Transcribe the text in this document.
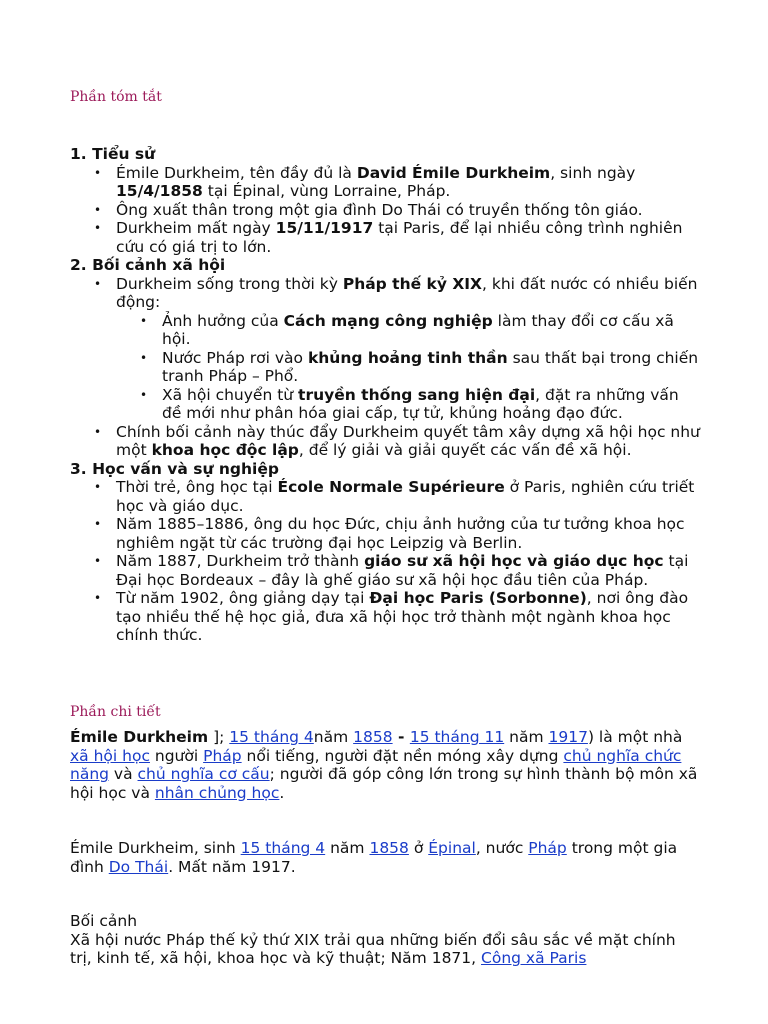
Phần tóm tắt

1. Tiểu sử

• Émile Durkheim, tên đầy đủ là David Émile Durkheim, sinh ngày 15/4/1858 tại Épinal, vùng Lorraine, Pháp.
• Ông xuất thân trong một gia đình Do Thái có truyền thống tôn giáo.
• Durkheim mất ngày 15/11/1917 tại Paris, để lại nhiều công trình nghiên cứu có giá trị to lớn.

2. Bối cảnh xã hội

• Durkheim sống trong thời kỳ Pháp thế kỷ XIX, khi đất nước có nhiều biến động:
• Ảnh hưởng của Cách mạng công nghiệp làm thay đổi cơ cấu xã hội.
• Nước Pháp rơi vào khủng hoảng tinh thần sau thất bại trong chiến tranh Pháp – Phổ.
• Xã hội chuyển từ truyền thống sang hiện đại, đặt ra những vấn đề mới như phân hóa giai cấp, tự tử, khủng hoảng đạo đức.
• Chính bối cảnh này thúc đẩy Durkheim quyết tâm xây dựng xã hội học như một khoa học độc lập, để lý giải và giải quyết các vấn đề xã hội.

3. Học vấn và sự nghiệp

• Thời trẻ, ông học tại École Normale Supérieure ở Paris, nghiên cứu triết học và giáo dục.
• Năm 1885–1886, ông du học Đức, chịu ảnh hưởng của tư tưởng khoa học nghiêm ngặt từ các trường đại học Leipzig và Berlin.
• Năm 1887, Durkheim trở thành giáo sư xã hội học và giáo dục học tại Đại học Bordeaux – đây là ghế giáo sư xã hội học đầu tiên của Pháp.
• Từ năm 1902, ông giảng dạy tại Đại học Paris (Sorbonne), nơi ông đào tạo nhiều thế hệ học giả, đưa xã hội học trở thành một ngành khoa học chính thức.
Phần chi tiết

Émile Durkheim ]; 15 tháng 4năm 1858 - 15 tháng 11 năm 1917) là một nhà xã hội học người Pháp nổi tiếng, người đặt nền móng xây dựng chủ nghĩa chức năng và chủ nghĩa cơ cấu; người đã góp công lớn trong sự hình thành bộ môn xã hội học và nhân chủng học.

Émile Durkheim, sinh 15 tháng 4 năm 1858 ở Épinal, nước Pháp trong một gia đình Do Thái. Mất năm 1917.

Bối cảnh

Xã hội nước Pháp thế kỷ thứ XIX trải qua những biến đổi sâu sắc về mặt chính trị, kinh tế, xã hội, khoa học và kỹ thuật; Năm 1871, Công xã Paris
